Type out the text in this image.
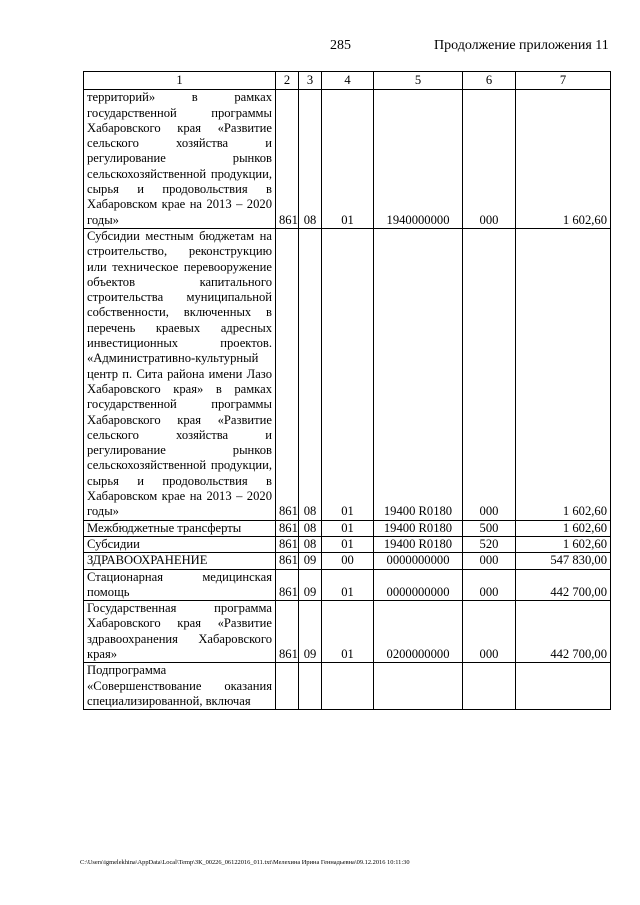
285	Продолжение приложения 11
1	2	3	4	5	6	7
территорий» в рамках государственной программы Хабаровского края «Развитие сельского хозяйства и регулирование рынков сельскохозяйственной продукции, сырья и продовольствия в Хабаровском крае на 2013 – 2020 годы»	861	08	01	1940000000	000	1 602,60
Субсидии местным бюджетам на строительство, реконструкцию или техническое перевооружение объектов капитального строительства муниципальной собственности, включенных в перечень краевых адресных инвестиционных проектов. «Административно-культурный центр п. Сита района имени Лазо Хабаровского края» в рамках государственной программы Хабаровского края «Развитие сельского хозяйства и регулирование рынков сельскохозяйственной продукции, сырья и продовольствия в Хабаровском крае на 2013 – 2020 годы»	861	08	01	19400 R0180	000	1 602,60
Межбюджетные трансферты	861	08	01	19400 R0180	500	1 602,60
Субсидии	861	08	01	19400 R0180	520	1 602,60
ЗДРАВООХРАНЕНИЕ	861	09	00	0000000000	000	547 830,00
Стационарная медицинская помощь	861	09	01	0000000000	000	442 700,00
Государственная программа Хабаровского края «Развитие здравоохранения Хабаровского края»	861	09	01	0200000000	000	442 700,00
Подпрограмма «Совершенствование оказания специализированной, включая						
C:\Users\igmelekhina\AppData\Local\Temp\ЗК_00226_06122016_011.txt\Мелехина Ирина Геннадьевна\09.12.2016 10:11:30
